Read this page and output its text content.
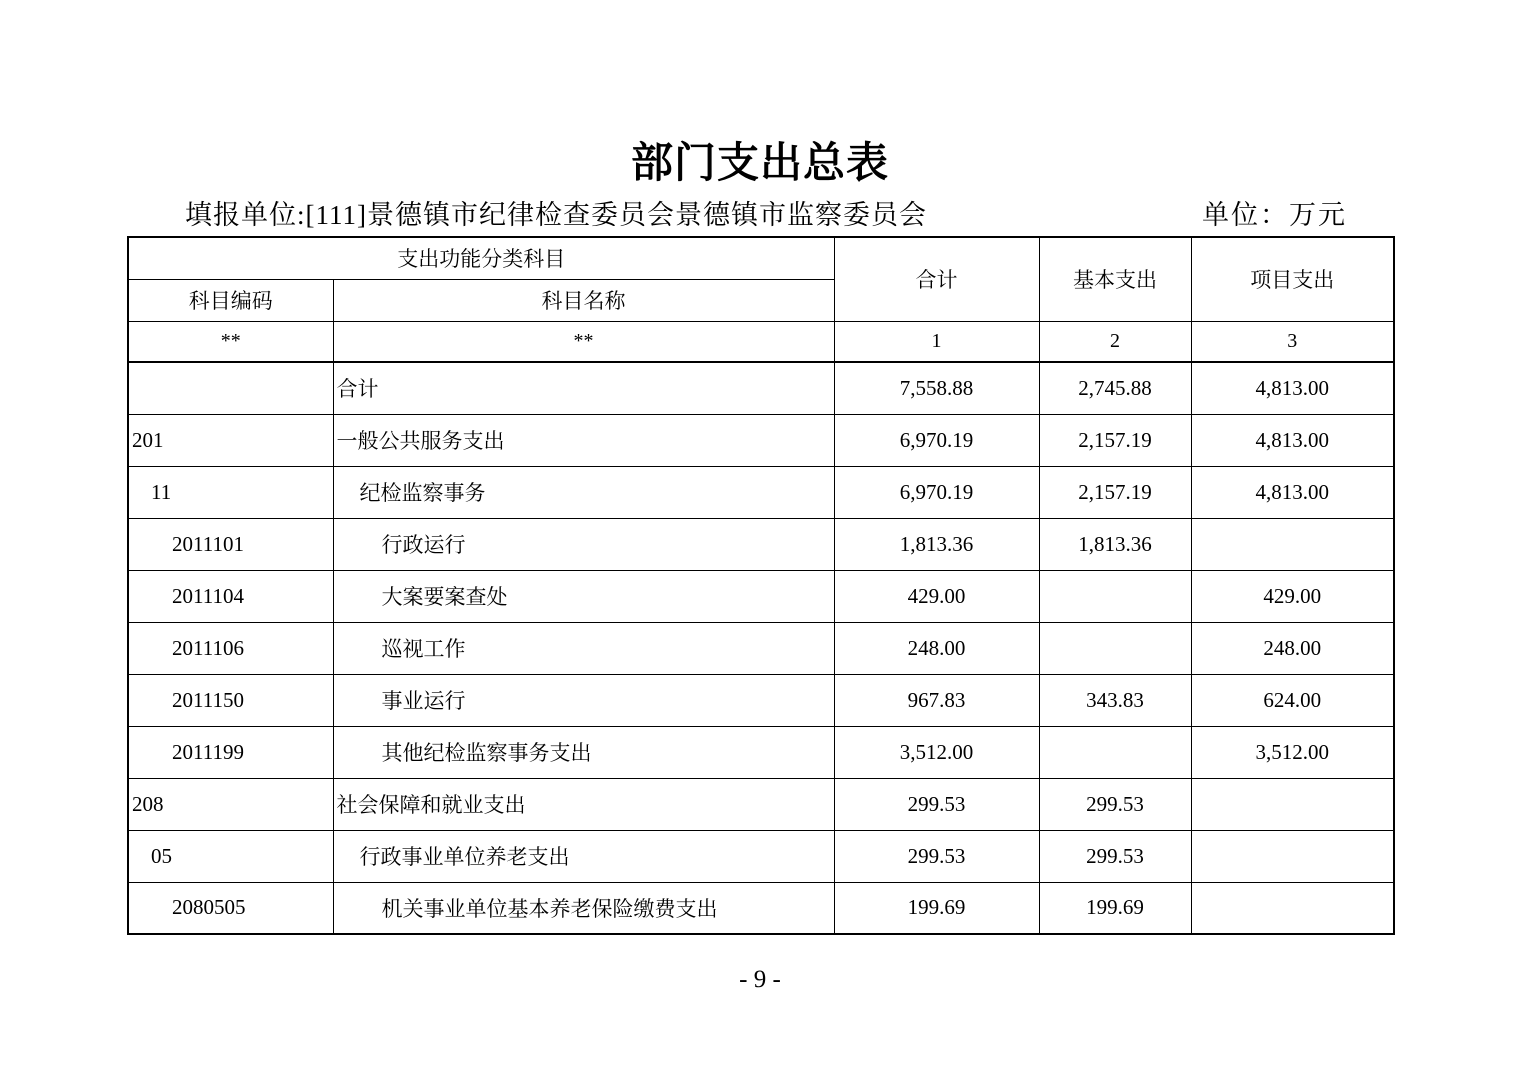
部门支出总表
填报单位:[111]景德镇市纪律检查委员会景德镇市监察委员会	单位：万元
支出功能分类科目		合计	基本支出	项目支出
科目编码	科目名称			
**	**	1	2	3
	合计	7,558.88	2,745.88	4,813.00
201	一般公共服务支出	6,970.19	2,157.19	4,813.00
11	纪检监察事务	6,970.19	2,157.19	4,813.00
2011101	行政运行	1,813.36	1,813.36	
2011104	大案要案查处	429.00		429.00
2011106	巡视工作	248.00		248.00
2011150	事业运行	967.83	343.83	624.00
2011199	其他纪检监察事务支出	3,512.00		3,512.00
208	社会保障和就业支出	299.53	299.53	
05	行政事业单位养老支出	299.53	299.53	
2080505	机关事业单位基本养老保险缴费支出	199.69	199.69	
- 9 -
